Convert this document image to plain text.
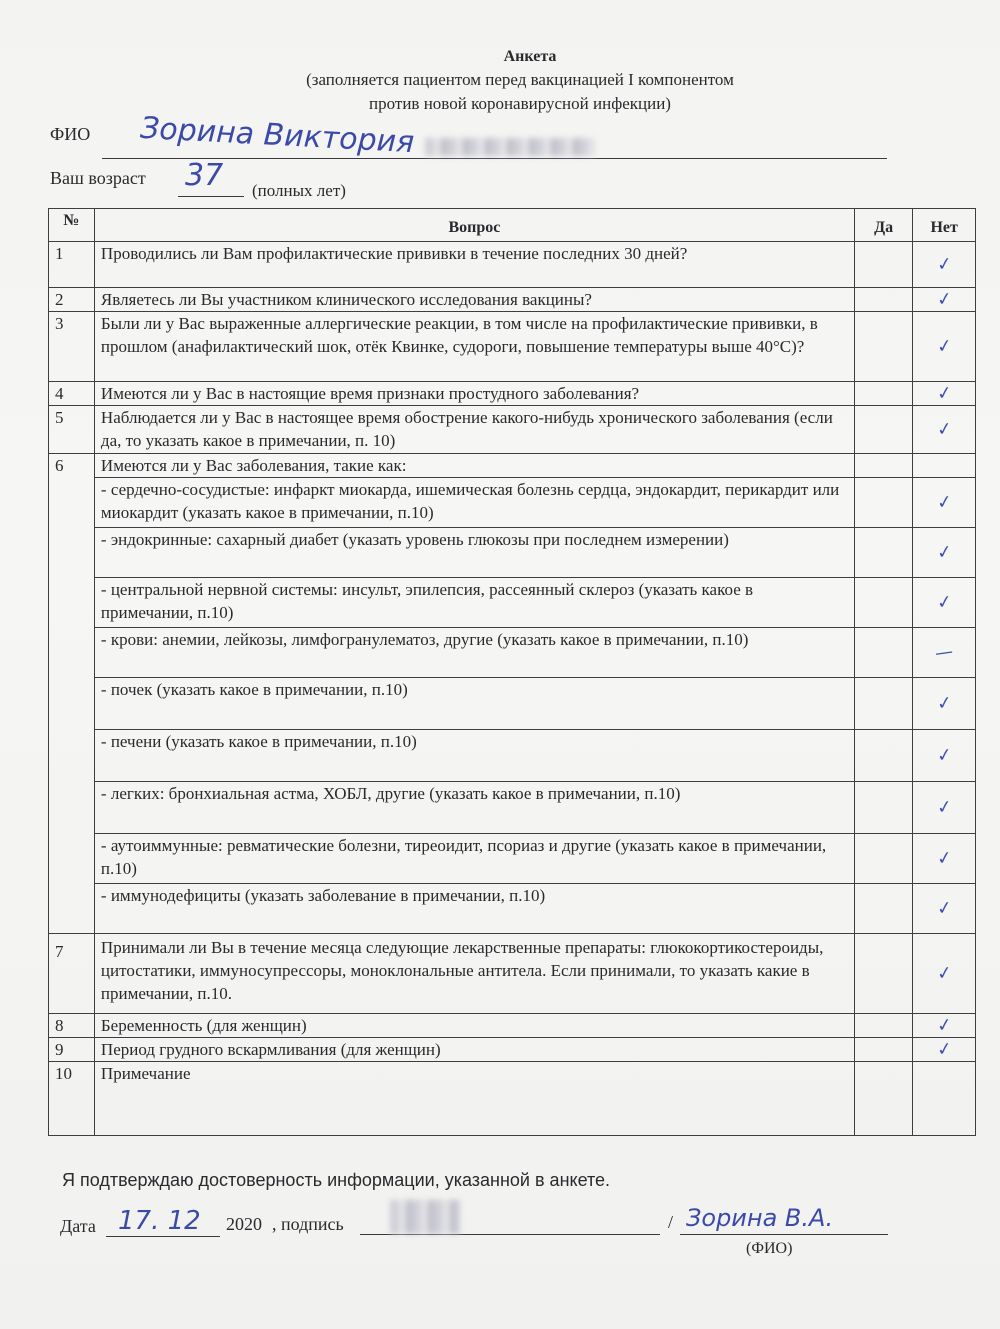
Анкета
(заполняется пациентом перед вакцинацией I компонентом
против новой коронавирусной инфекции)
ФИО Зорина Виктория
Ваш возраст 37 (полных лет)
№	Вопрос	Да	Нет
1	Проводились ли Вам профилактические прививки в течение последних 30 дней?		✓
2	Являетесь ли Вы участником клинического исследования вакцины?		✓
3	Были ли у Вас выраженные аллергические реакции, в том числе на профилактические прививки, в прошлом (анафилактический шок, отёк Квинке, судороги, повышение температуры выше 40°С)?		✓
4	Имеются ли у Вас в настоящие время признаки простудного заболевания?		✓
5	Наблюдается ли у Вас в настоящее время обострение какого-нибудь хронического заболевания (если да, то указать какое в примечании, п. 10)		✓
6	Имеются ли у Вас заболевания, такие как:		
	- сердечно-сосудистые: инфаркт миокарда, ишемическая болезнь сердца, эндокардит, перикардит или миокардит (указать какое в примечании, п.10)		✓
	- эндокринные: сахарный диабет (указать уровень глюкозы при последнем измерении)		✓
	- центральной нервной системы: инсульт, эпилепсия, рассеянный склероз (указать какое в примечании, п.10)		✓
	- крови: анемии, лейкозы, лимфогранулематоз, другие (указать какое в примечании, п.10)		—
	- почек (указать какое в примечании, п.10)		✓
	- печени (указать какое в примечании, п.10)		✓
	- легких: бронхиальная астма, ХОБЛ, другие (указать какое в примечании, п.10)		✓
	- аутоиммунные: ревматические болезни, тиреоидит, псориаз и другие (указать какое в примечании, п.10)		✓
	- иммунодефициты (указать заболевание в примечании, п.10)		✓
7	Принимали ли Вы в течение месяца следующие лекарственные препараты: глюкокортикостероиды, цитостатики, иммуносупрессоры, моноклональные антитела. Если принимали, то указать какие в примечании, п.10.		✓
8	Беременность (для женщин)		✓
9	Период грудного вскармливания (для женщин)		✓
10	Примечание		
Я подтверждаю достоверность информации, указанной в анкете.
Дата 17. 12 2020 , подпись	/ Зорина В.А.
(ФИО)
